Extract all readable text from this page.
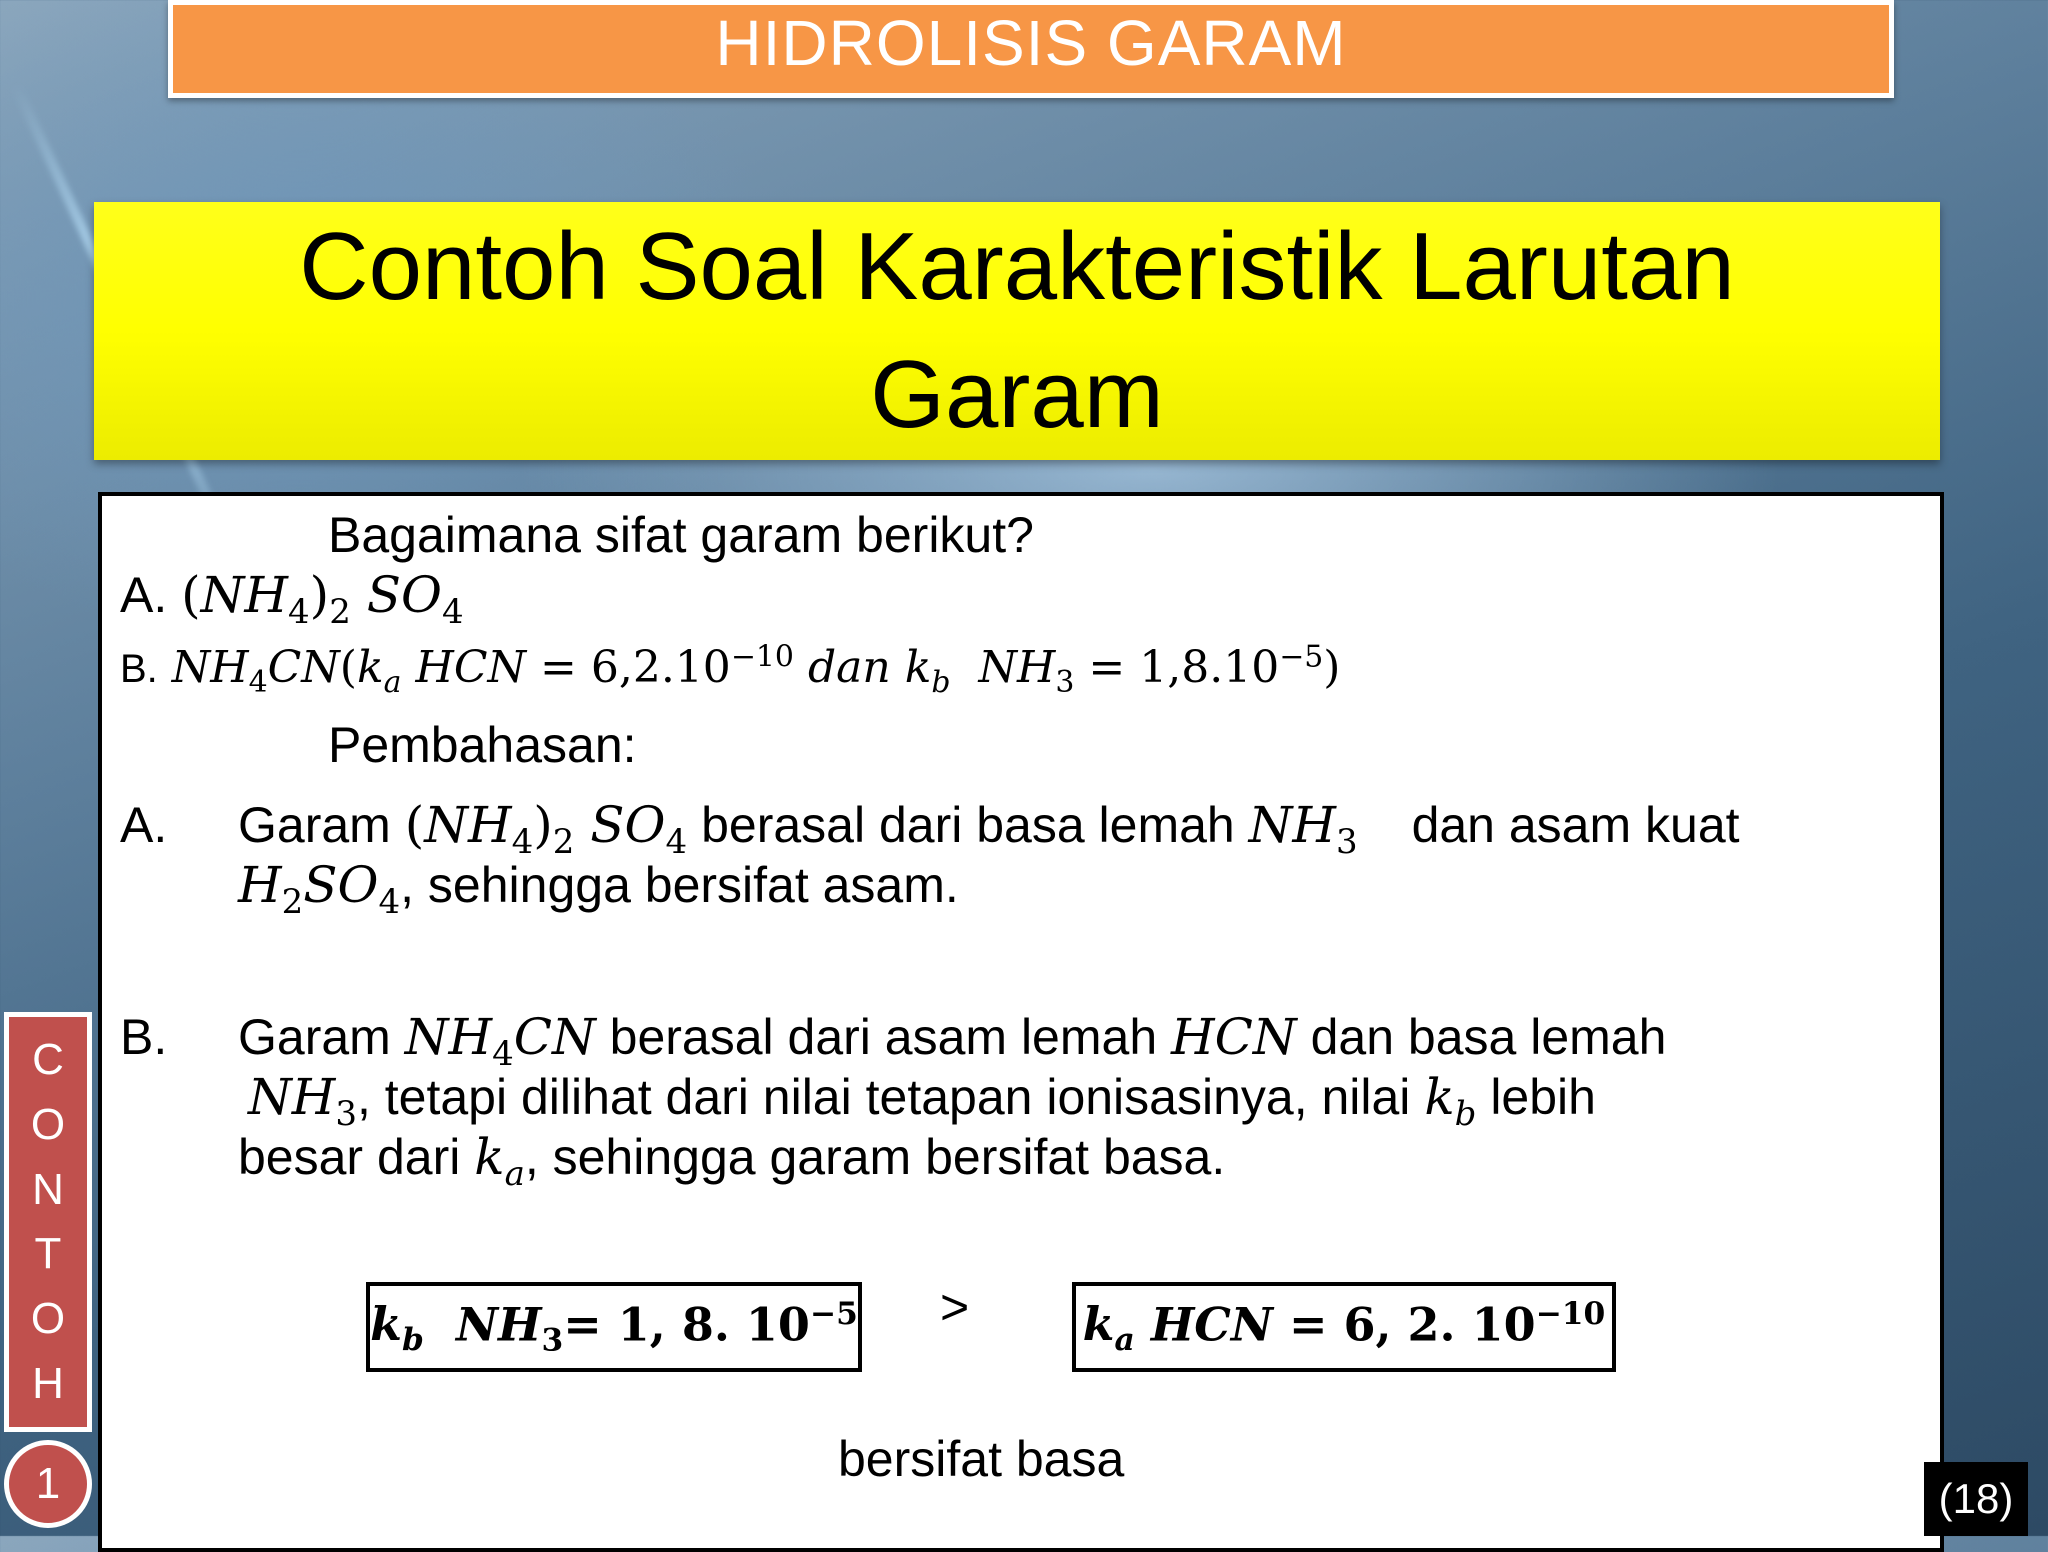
HIDROLISIS GARAM
Contoh Soal Karakteristik Larutan Garam
Bagaimana sifat garam berikut?
A. $(NH_4)_2$ $SO_4$
B. $NH_4CN(k_a$ HCN = $6,2.10^{-10}$ dan $k_b$ $NH_3 = 1,8.10^{-5}$)
Pembahasan:
A. Garam $(NH_4)_2$ $SO_4$ berasal dari basa lemah $NH_3$ dan asam kuat
$H_2SO_4$, sehingga bersifat asam.
B. Garam $NH_4CN$ berasal dari asam lemah HCN dan basa lemah
$NH_3$, tetapi dilihat dari nilai tetapan ionisasinya, nilai $k_b$ lebih
besar dari $k_a$, sehingga garam bersifat basa.
$k_b$ $NH_3= 1$, 8. $10^{-5} > k_a$ HCN = 6, 2. $10^{-10}$
bersifat basa
C
O
N
T
O
H
1	(18)
